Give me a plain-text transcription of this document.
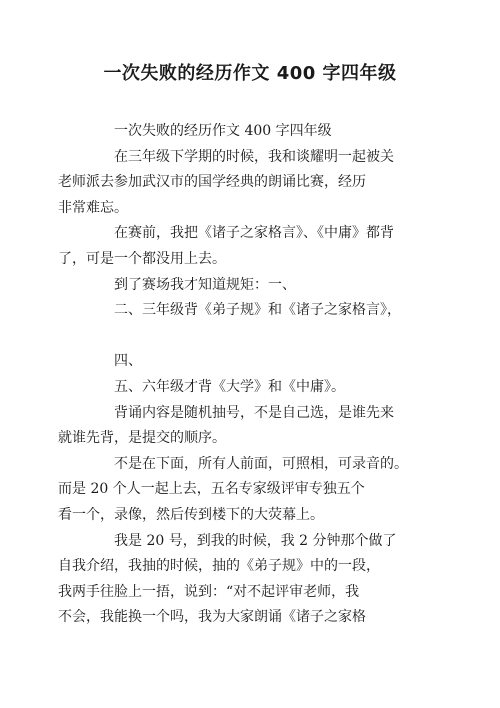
一次失败的经历作文 400 字四年级
一次失败的经历作文 400 字四年级
在三年级下学期的时候，我和谈耀明一起被关
老师派去参加武汉市的国学经典的朗诵比赛，经历
非常难忘。
在赛前，我把《诸子之家格言》、《中庸》都背
了，可是一个都没用上去。
到了赛场我才知道规矩：一、
二、三年级背《弟子规》和《诸子之家格言》，
四、
五、六年级才背《大学》和《中庸》。
背诵内容是随机抽号，不是自己选，是谁先来
就谁先背，是提交的顺序。
不是在下面，所有人前面，可照相，可录音的。
而是 20 个人一起上去，五名专家级评审专独五个
看一个，录像，然后传到楼下的大荧幕上。
我是 20 号，到我的时候，我 2 分钟那个做了
自我介绍，我抽的时候，抽的《弟子规》中的一段，
我两手往脸上一捂，说到：“对不起评审老师，我
不会，我能换一个吗，我为大家朗诵《诸子之家格
